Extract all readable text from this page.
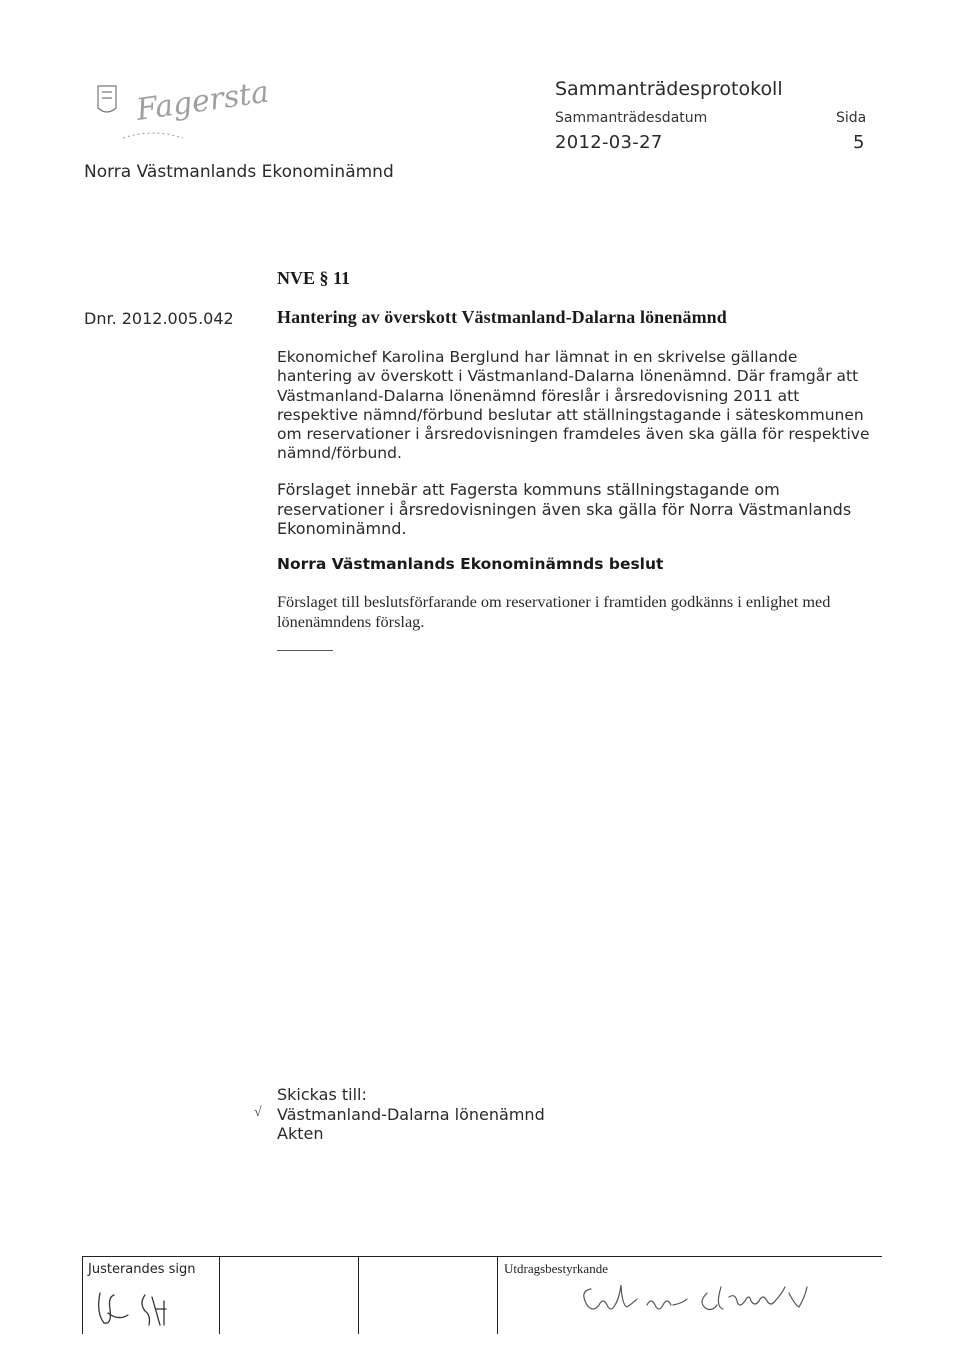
Fagersta	Sammanträdesprotokoll
Sammanträdesdatum	Sida
2012-03-27	5
Norra Västmanlands Ekonominämnd
NVE § 11
Dnr. 2012.005.042 Hantering av överskott Västmanland-Dalarna lönenämnd

Ekonomichef Karolina Berglund har lämnat in en skrivelse gällande hantering av överskott i Västmanland-Dalarna lönenämnd. Där framgår att Västmanland-Dalarna lönenämnd föreslår i årsredovisning 2011 att respektive nämnd/förbund beslutar att ställningstagande i säteskommunen om reservationer i årsredovisningen framdeles även ska gälla för respektive nämnd/förbund.

Förslaget innebär att Fagersta kommuns ställningstagande om reservationer i årsredovisningen även ska gälla för Norra Västmanlands Ekonominämnd.

Norra Västmanlands Ekonominämnds beslut

Förslaget till beslutsförfarande om reservationer i framtiden godkänns i enlighet med lönenämndens förslag.

Skickas till:
√ Västmanland-Dalarna lönenämnd
Akten
Justerandes sign	Utdragsbestyrkande
